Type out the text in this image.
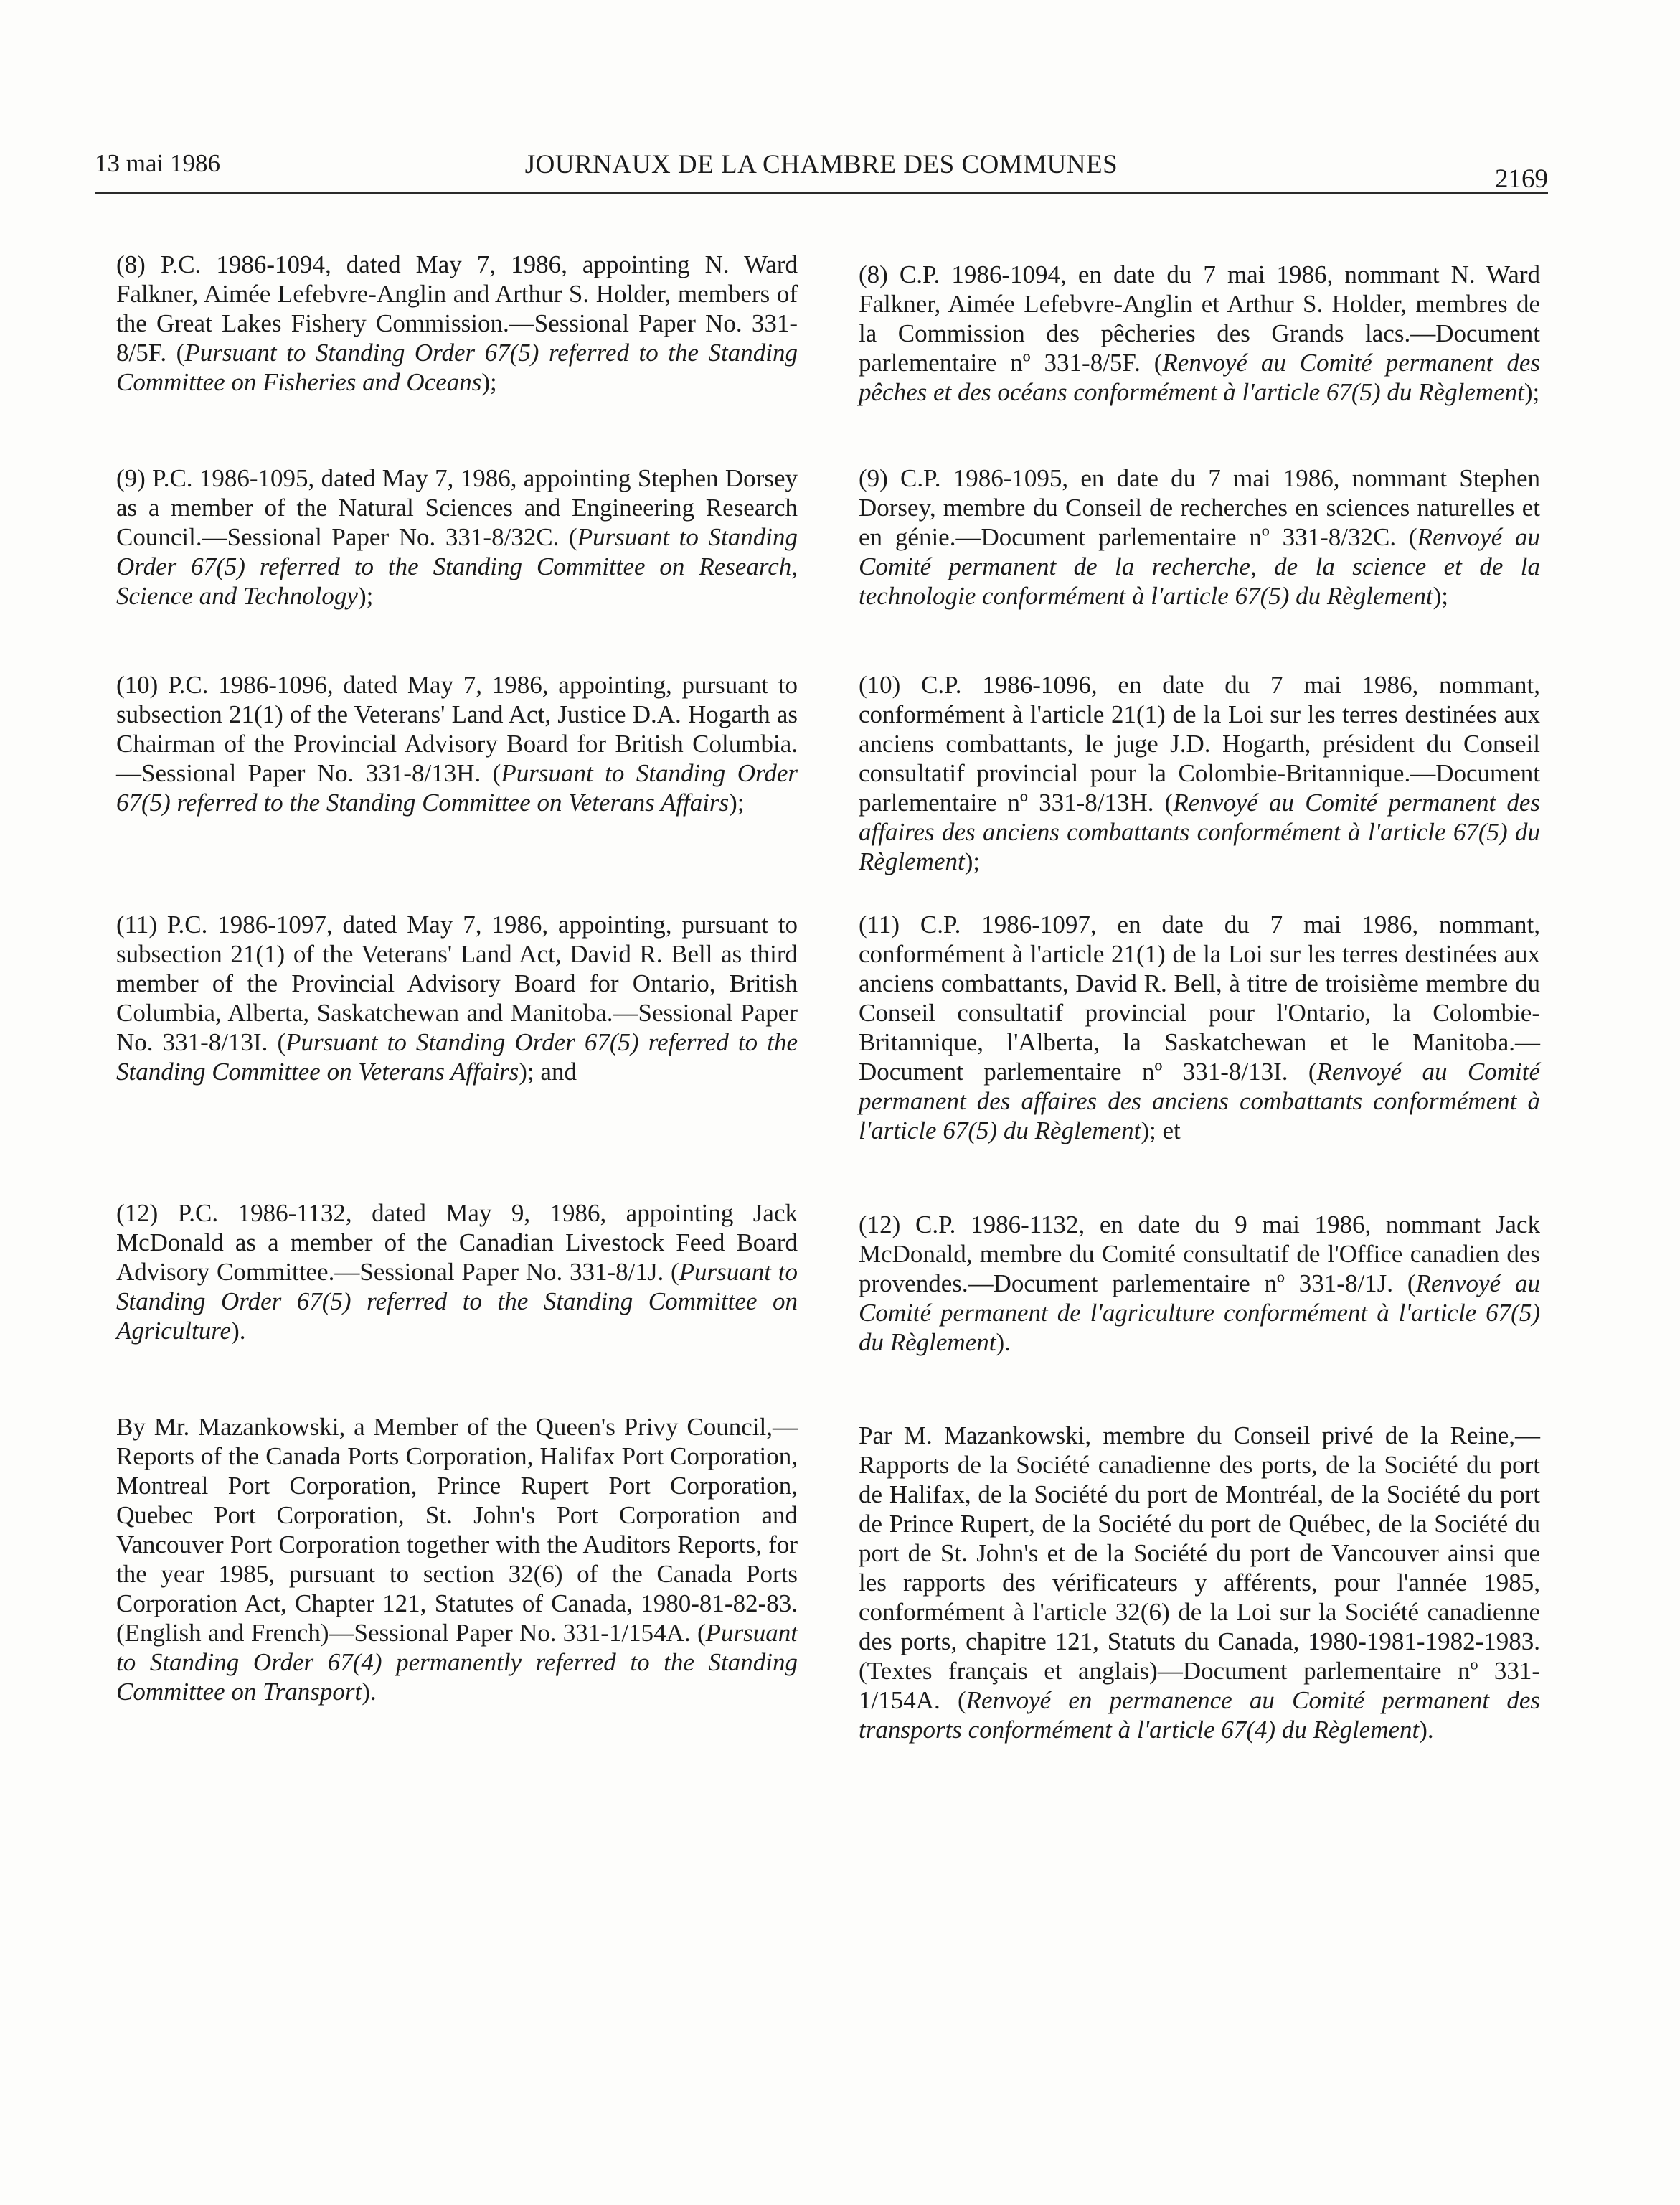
13 mai 1986	JOURNAUX DE LA CHAMBRE DES COMMUNES	2169

(8) P.C. 1986-1094, dated May 7, 1986, appointing N. Ward Falkner, Aimée Lefebvre-Anglin and Arthur S. Holder, members of the Great Lakes Fishery Commission.—Sessional Paper No. 331-8/5F. (Pursuant to Standing Order 67(5) referred to the Standing Committee on Fisheries and Oceans);

(9) P.C. 1986-1095, dated May 7, 1986, appointing Stephen Dorsey as a member of the Natural Sciences and Engineering Research Council.—Sessional Paper No. 331-8/32C. (Pursuant to Standing Order 67(5) referred to the Standing Committee on Research, Science and Technology);

(10) P.C. 1986-1096, dated May 7, 1986, appointing, pursuant to subsection 21(1) of the Veterans' Land Act, Justice D.A. Hogarth as Chairman of the Provincial Advisory Board for British Columbia.—Sessional Paper No. 331-8/13H. (Pursuant to Standing Order 67(5) referred to the Standing Committee on Veterans Affairs);

(11) P.C. 1986-1097, dated May 7, 1986, appointing, pursuant to subsection 21(1) of the Veterans' Land Act, David R. Bell as third member of the Provincial Advisory Board for Ontario, British Columbia, Alberta, Saskatchewan and Manitoba.—Sessional Paper No. 331-8/13I. (Pursuant to Standing Order 67(5) referred to the Standing Committee on Veterans Affairs); and

(12) P.C. 1986-1132, dated May 9, 1986, appointing Jack McDonald as a member of the Canadian Livestock Feed Board Advisory Committee.—Sessional Paper No. 331-8/1J. (Pursuant to Standing Order 67(5) referred to the Standing Committee on Agriculture).

By Mr. Mazankowski, a Member of the Queen's Privy Council,—Reports of the Canada Ports Corporation, Halifax Port Corporation, Montreal Port Corporation, Prince Rupert Port Corporation, Quebec Port Corporation, St. John's Port Corporation and Vancouver Port Corporation together with the Auditors Reports, for the year 1985, pursuant to section 32(6) of the Canada Ports Corporation Act, Chapter 121, Statutes of Canada, 1980-81-82-83. (English and French)—Sessional Paper No. 331-1/154A. (Pursuant to Standing Order 67(4) permanently referred to the Standing Committee on Transport).

(8) C.P. 1986-1094, en date du 7 mai 1986, nommant N. Ward Falkner, Aimée Lefebvre-Anglin et Arthur S. Holder, membres de la Commission des pêcheries des Grands lacs.—Document parlementaire nº 331-8/5F. (Renvoyé au Comité permanent des pêches et des océans conformément à l'article 67(5) du Règlement);

(9) C.P. 1986-1095, en date du 7 mai 1986, nommant Stephen Dorsey, membre du Conseil de recherches en sciences naturelles et en génie.—Document parlementaire nº 331-8/32C. (Renvoyé au Comité permanent de la recherche, de la science et de la technologie conformément à l'article 67(5) du Règlement);

(10) C.P. 1986-1096, en date du 7 mai 1986, nommant, conformément à l'article 21(1) de la Loi sur les terres destinées aux anciens combattants, le juge J.D. Hogarth, président du Conseil consultatif provincial pour la Colombie-Britannique.—Document parlementaire nº 331-8/13H. (Renvoyé au Comité permanent des affaires des anciens combattants conformément à l'article 67(5) du Règlement);

(11) C.P. 1986-1097, en date du 7 mai 1986, nommant, conformément à l'article 21(1) de la Loi sur les terres destinées aux anciens combattants, David R. Bell, à titre de troisième membre du Conseil consultatif provincial pour l'Ontario, la Colombie-Britannique, l'Alberta, la Saskatchewan et le Manitoba.—Document parlementaire nº 331-8/13I. (Renvoyé au Comité permanent des affaires des anciens combattants conformément à l'article 67(5) du Règlement); et

(12) C.P. 1986-1132, en date du 9 mai 1986, nommant Jack McDonald, membre du Comité consultatif de l'Office canadien des provendes.—Document parlementaire nº 331-8/1J. (Renvoyé au Comité permanent de l'agriculture conformément à l'article 67(5) du Règlement).

Par M. Mazankowski, membre du Conseil privé de la Reine,—Rapports de la Société canadienne des ports, de la Société du port de Halifax, de la Société du port de Montréal, de la Société du port de Prince Rupert, de la Société du port de Québec, de la Société du port de St. John's et de la Société du port de Vancouver ainsi que les rapports des vérificateurs y afférents, pour l'année 1985, conformément à l'article 32(6) de la Loi sur la Société canadienne des ports, chapitre 121, Statuts du Canada, 1980-1981-1982-1983. (Textes français et anglais)—Document parlementaire nº 331-1/154A. (Renvoyé en permanence au Comité permanent des transports conformément à l'article 67(4) du Règlement).
